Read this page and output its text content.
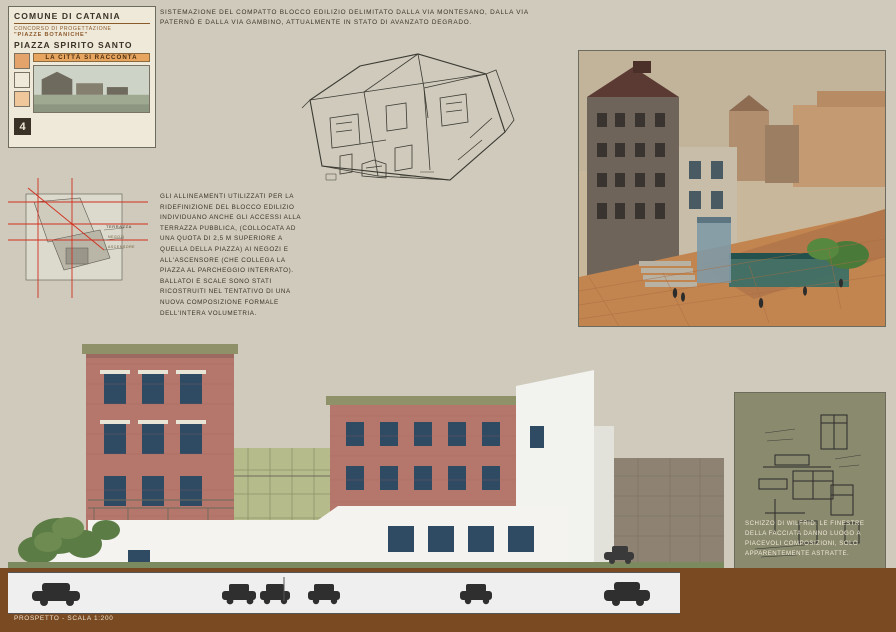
COMUNE DI CATANIA
CONCORSO DI PROGETTAZIONE
"PIAZZE BOTANICHE"
PIAZZA SPIRITO SANTO
LA CITTÀ SI RACCONTA
4
SISTEMAZIONE DEL COMPATTO BLOCCO EDILIZIO DELIMITATO DALLA VIA MONTESANO, DALLA VIA PATERNÒ E DALLA VIA GAMBINO, ATTUALMENTE IN STATO DI AVANZATO DEGRADO.
GLI ALLINEAMENTI UTILIZZATI PER LA RIDEFINIZIONE DEL BLOCCO EDILIZIO INDIVIDUANO ANCHE GLI ACCESSI ALLA TERRAZZA PUBBLICA, (COLLOCATA AD UNA QUOTA DI 2,5 M SUPERIORE A QUELLA DELLA PIAZZA) AI NEGOZI E ALL'ASCENSORE (CHE COLLEGA LA PIAZZA AL PARCHEGGIO INTERRATO). BALLATOI E SCALE SONO STATI RICOSTRUITI NEL TENTATIVO DI UNA NUOVA COMPOSIZIONE FORMALE DELL'INTERA VOLUMETRIA.
TERRAZZA
NEGOZI
ASCENSORE
SCHIZZO DI WILFRID: LE FINESTRE DELLA FACCIATA DANNO LUOGO A PIACEVOLI COMPOSIZIONI, SOLO APPARENTEMENTE ASTRATTE.
PROSPETTO - SCALA 1:200
